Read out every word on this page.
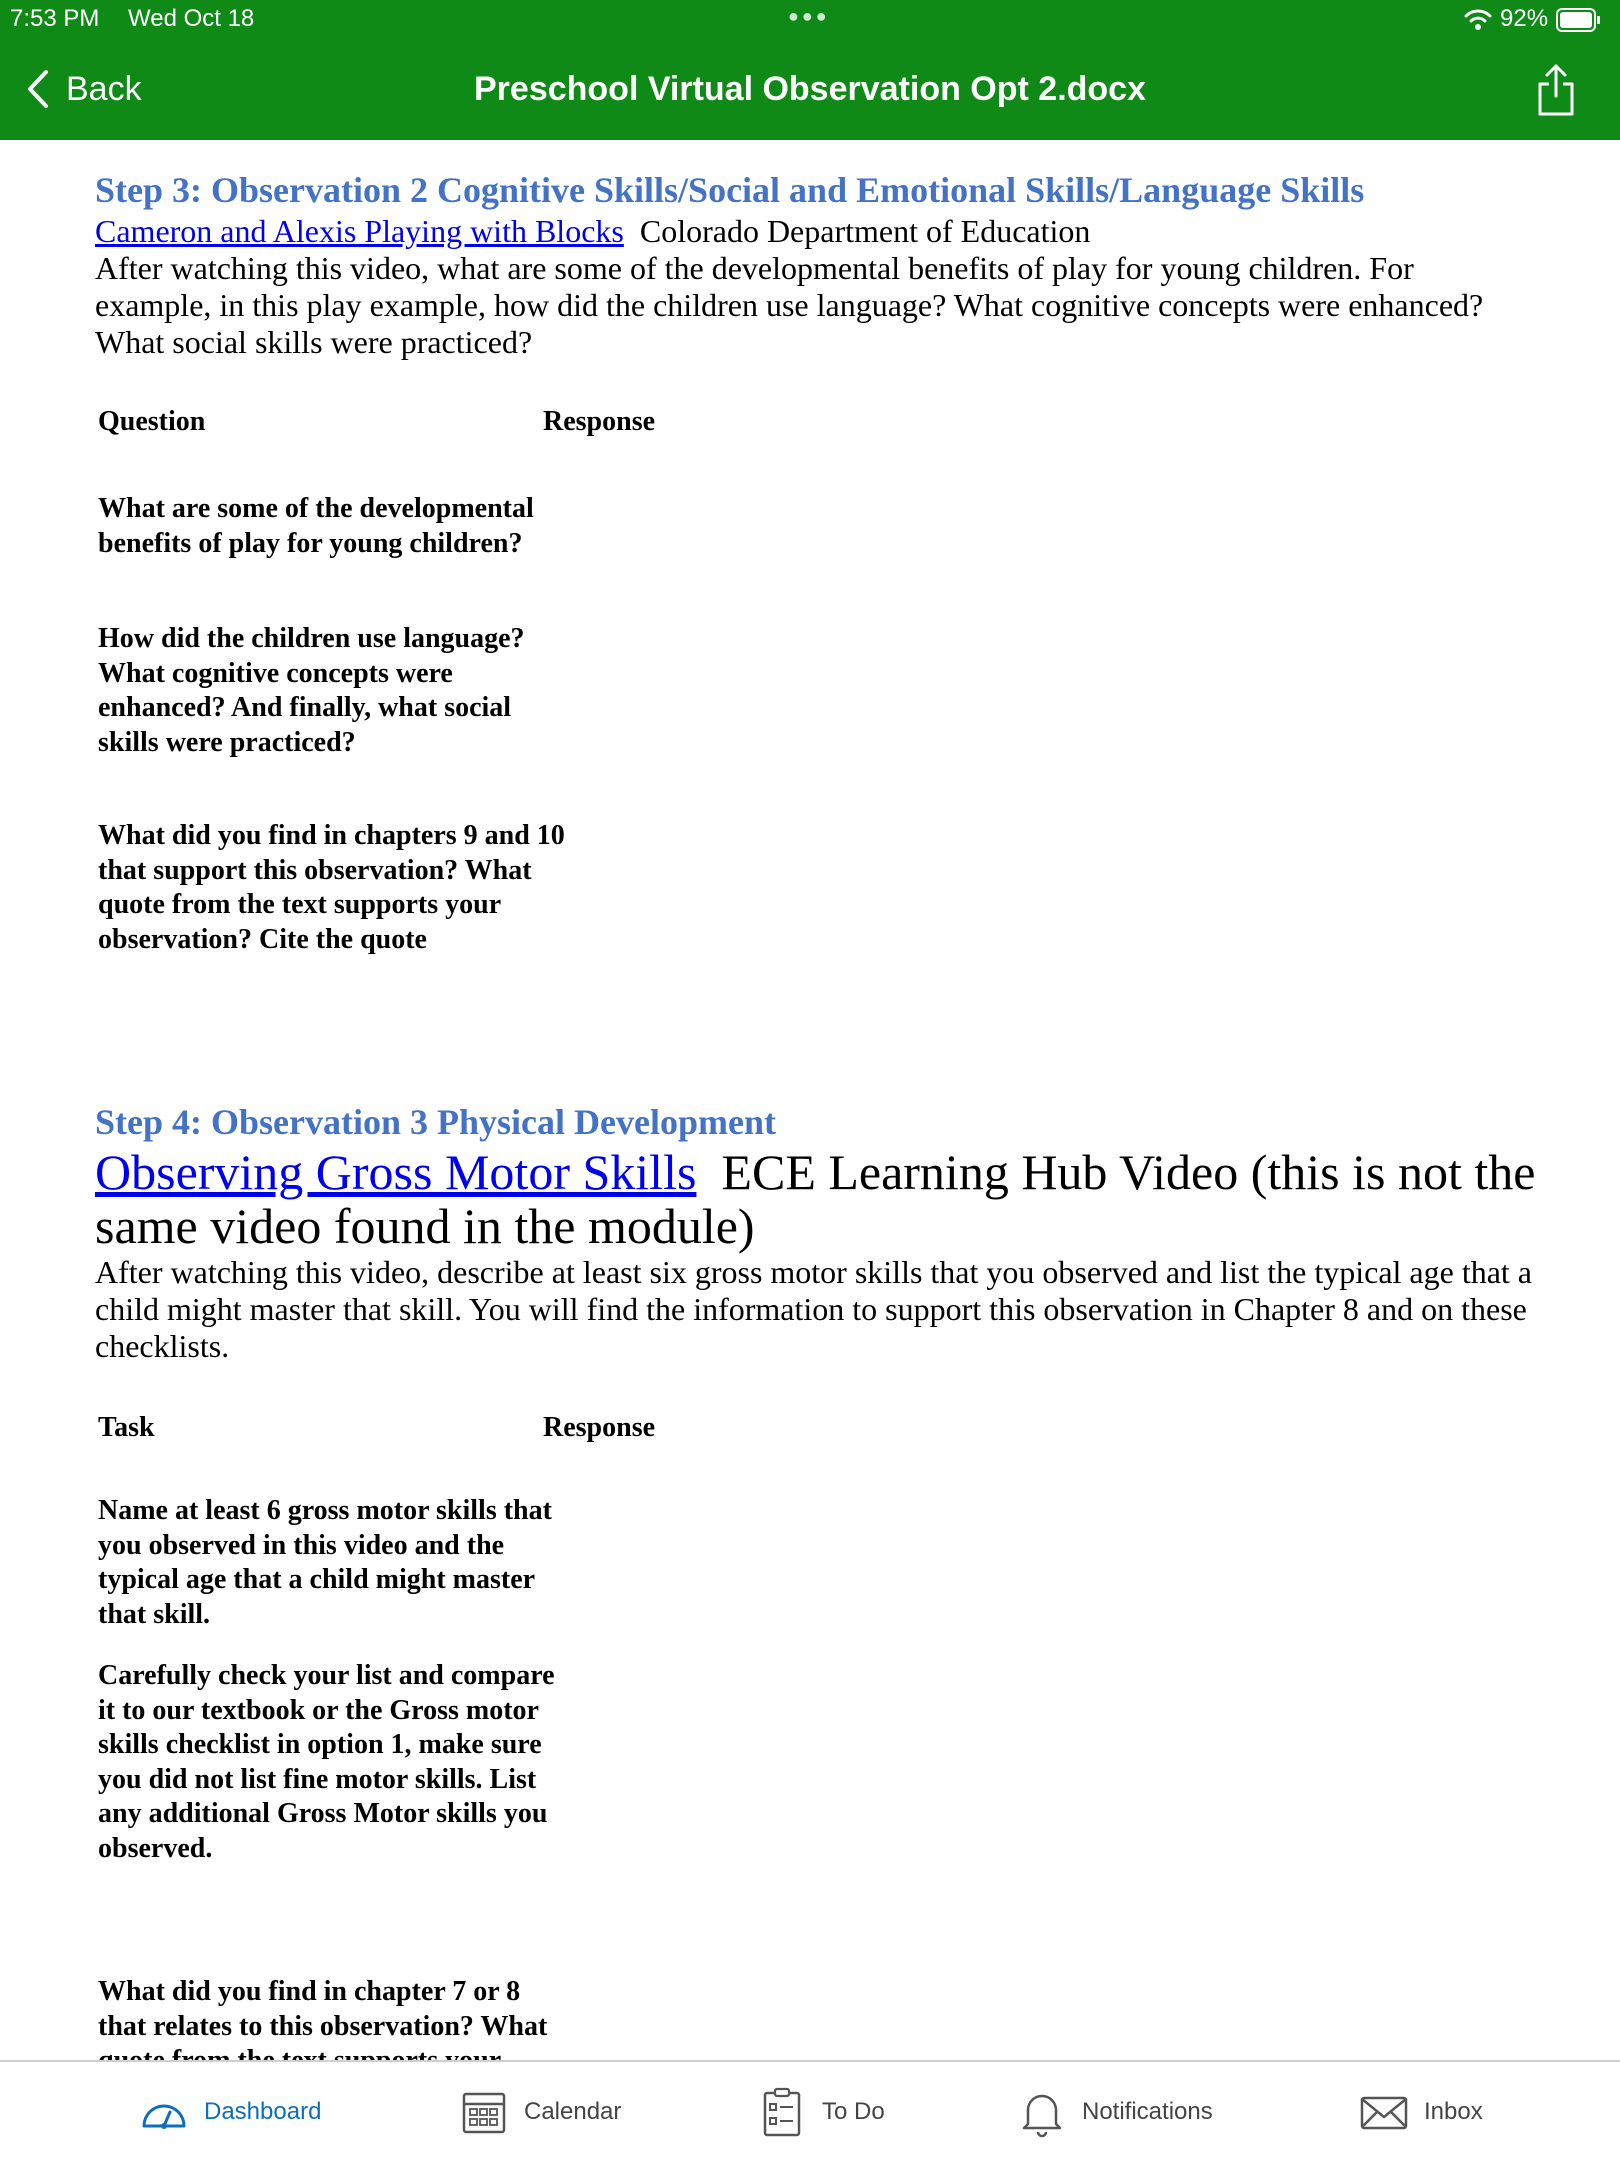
7:53 PM Wed Oct 18	●●●	92%
Back	Preschool Virtual Observation Opt 2.docx
Step 3: Observation 2 Cognitive Skills/Social and Emotional Skills/Language Skills
Cameron and Alexis Playing with Blocks Colorado Department of Education
After watching this video, what are some of the developmental benefits of play for young children. For example, in this play example, how did the children use language? What cognitive concepts were enhanced? What social skills were practiced?
Question	Response
What are some of the developmental benefits of play for young children?
How did the children use language? What cognitive concepts were enhanced? And finally, what social skills were practiced?
What did you find in chapters 9 and 10 that support this observation? What quote from the text supports your observation? Cite the quote
Step 4: Observation 3 Physical Development
Observing Gross Motor Skills ECE Learning Hub Video (this is not the same video found in the module)
After watching this video, describe at least six gross motor skills that you observed and list the typical age that a child might master that skill. You will find the information to support this observation in Chapter 8 and on these checklists.
Task	Response
Name at least 6 gross motor skills that you observed in this video and the typical age that a child might master that skill.
Carefully check your list and compare it to our textbook or the Gross motor skills checklist in option 1, make sure you did not list fine motor skills. List any additional Gross Motor skills you observed.
What did you find in chapter 7 or 8 that relates to this observation? What
Dashboard	Calendar	To Do	Notifications	Inbox
